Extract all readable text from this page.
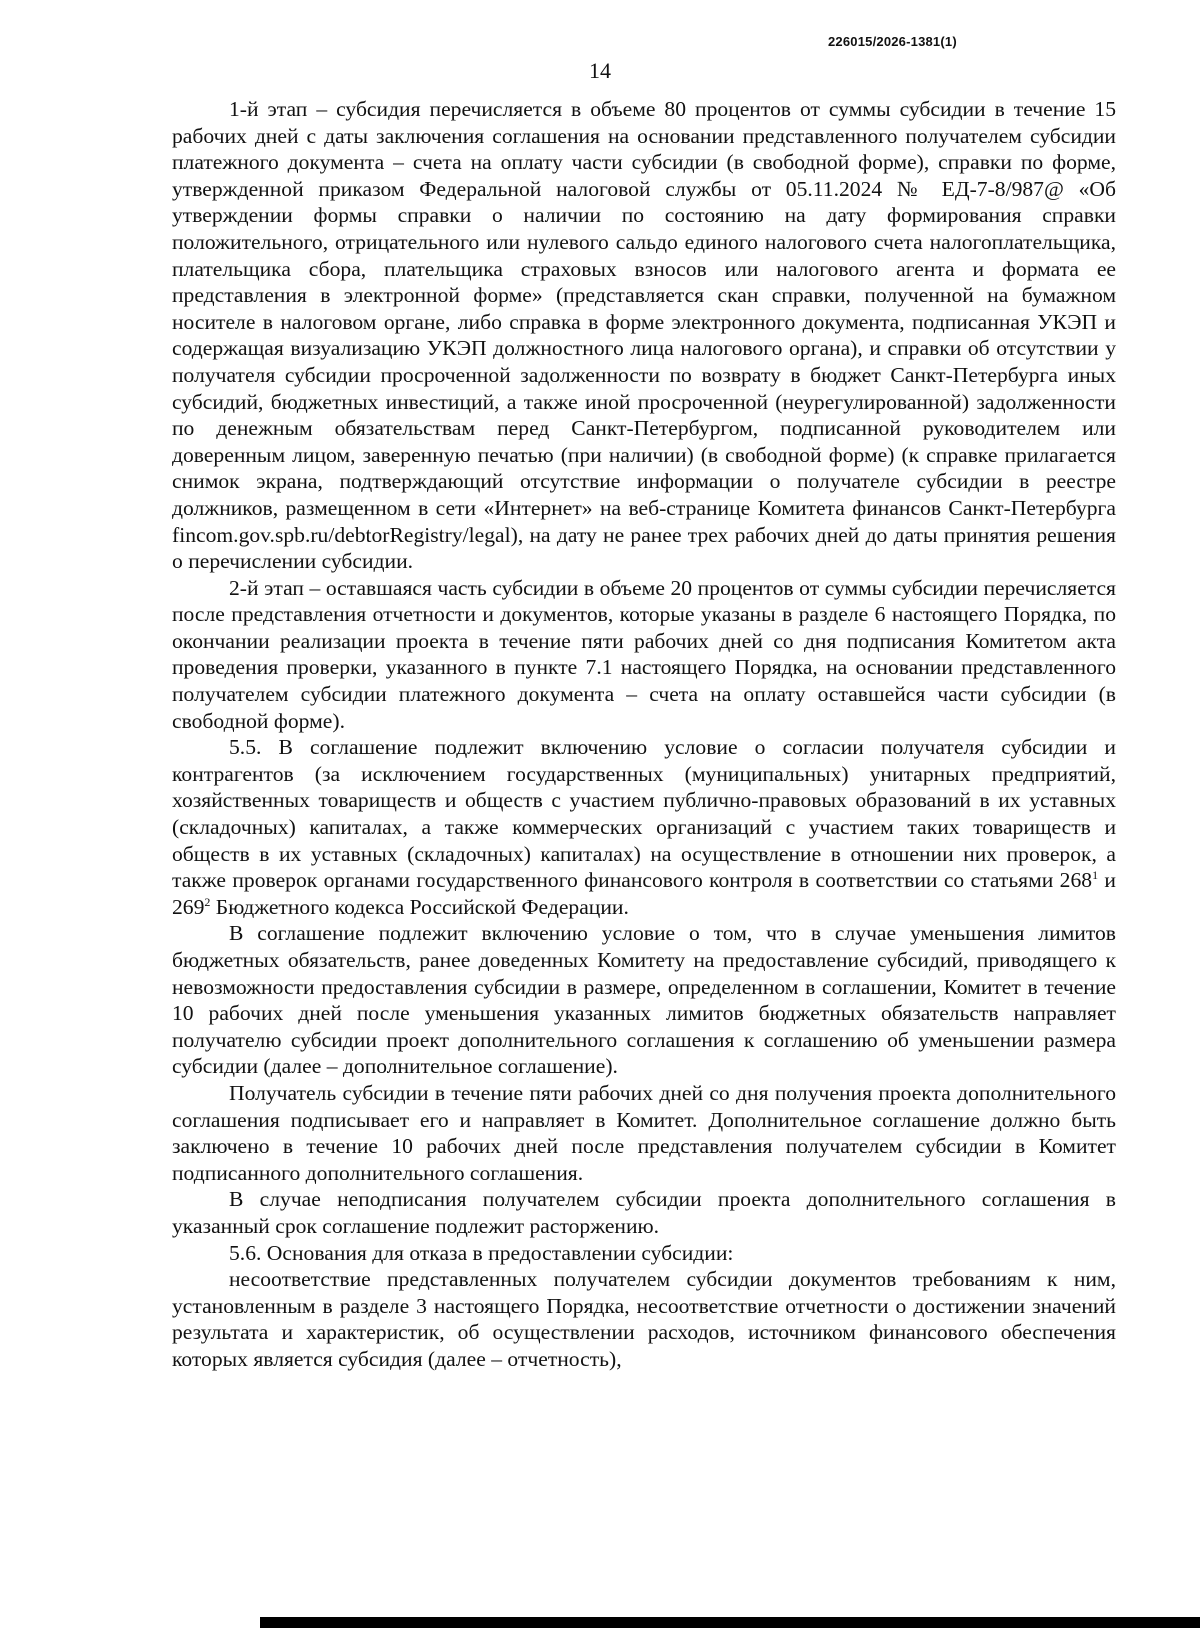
226015/2026-1381(1)
14

1-й этап – субсидия перечисляется в объеме 80 процентов от суммы субсидии в течение 15 рабочих дней с даты заключения соглашения на основании представленного получателем субсидии платежного документа – счета на оплату части субсидии (в свободной форме), справки по форме, утвержденной приказом Федеральной налоговой службы от 05.11.2024 № ЕД-7-8/987@ «Об утверждении формы справки о наличии по состоянию на дату формирования справки положительного, отрицательного или нулевого сальдо единого налогового счета налогоплательщика, плательщика сбора, плательщика страховых взносов или налогового агента и формата ее представления в электронной форме» (представляется скан справки, полученной на бумажном носителе в налоговом органе, либо справка в форме электронного документа, подписанная УКЭП и содержащая визуализацию УКЭП должностного лица налогового органа), и справки об отсутствии у получателя субсидии просроченной задолженности по возврату в бюджет Санкт-Петербурга иных субсидий, бюджетных инвестиций, а также иной просроченной (неурегулированной) задолженности по денежным обязательствам перед Санкт-Петербургом, подписанной руководителем или доверенным лицом, заверенную печатью (при наличии) (в свободной форме) (к справке прилагается снимок экрана, подтверждающий отсутствие информации о получателе субсидии в реестре должников, размещенном в сети «Интернет» на веб-странице Комитета финансов Санкт-Петербурга fincom.gov.spb.ru/debtorRegistry/legal), на дату не ранее трех рабочих дней до даты принятия решения о перечислении субсидии.

2-й этап – оставшаяся часть субсидии в объеме 20 процентов от суммы субсидии перечисляется после представления отчетности и документов, которые указаны в разделе 6 настоящего Порядка, по окончании реализации проекта в течение пяти рабочих дней со дня подписания Комитетом акта проведения проверки, указанного в пункте 7.1 настоящего Порядка, на основании представленного получателем субсидии платежного документа – счета на оплату оставшейся части субсидии (в свободной форме).

5.5. В соглашение подлежит включению условие о согласии получателя субсидии и контрагентов (за исключением государственных (муниципальных) унитарных предприятий, хозяйственных товариществ и обществ с участием публично-правовых образований в их уставных (складочных) капиталах, а также коммерческих организаций с участием таких товариществ и обществ в их уставных (складочных) капиталах) на осуществление в отношении них проверок, а также проверок органами государственного финансового контроля в соответствии со статьями $268^1$ и $269^2$ Бюджетного кодекса Российской Федерации.

В соглашение подлежит включению условие о том, что в случае уменьшения лимитов бюджетных обязательств, ранее доведенных Комитету на предоставление субсидий, приводящего к невозможности предоставления субсидии в размере, определенном в соглашении, Комитет в течение 10 рабочих дней после уменьшения указанных лимитов бюджетных обязательств направляет получателю субсидии проект дополнительного соглашения к соглашению об уменьшении размера субсидии (далее – дополнительное соглашение).

Получатель субсидии в течение пяти рабочих дней со дня получения проекта дополнительного соглашения подписывает его и направляет в Комитет. Дополнительное соглашение должно быть заключено в течение 10 рабочих дней после представления получателем субсидии в Комитет подписанного дополнительного соглашения.

В случае неподписания получателем субсидии проекта дополнительного соглашения в указанный срок соглашение подлежит расторжению.

5.6. Основания для отказа в предоставлении субсидии:

несоответствие представленных получателем субсидии документов требованиям к ним, установленным в разделе 3 настоящего Порядка, несоответствие отчетности о достижении значений результата и характеристик, об осуществлении расходов, источником финансового обеспечения которых является субсидия (далее – отчетность),
